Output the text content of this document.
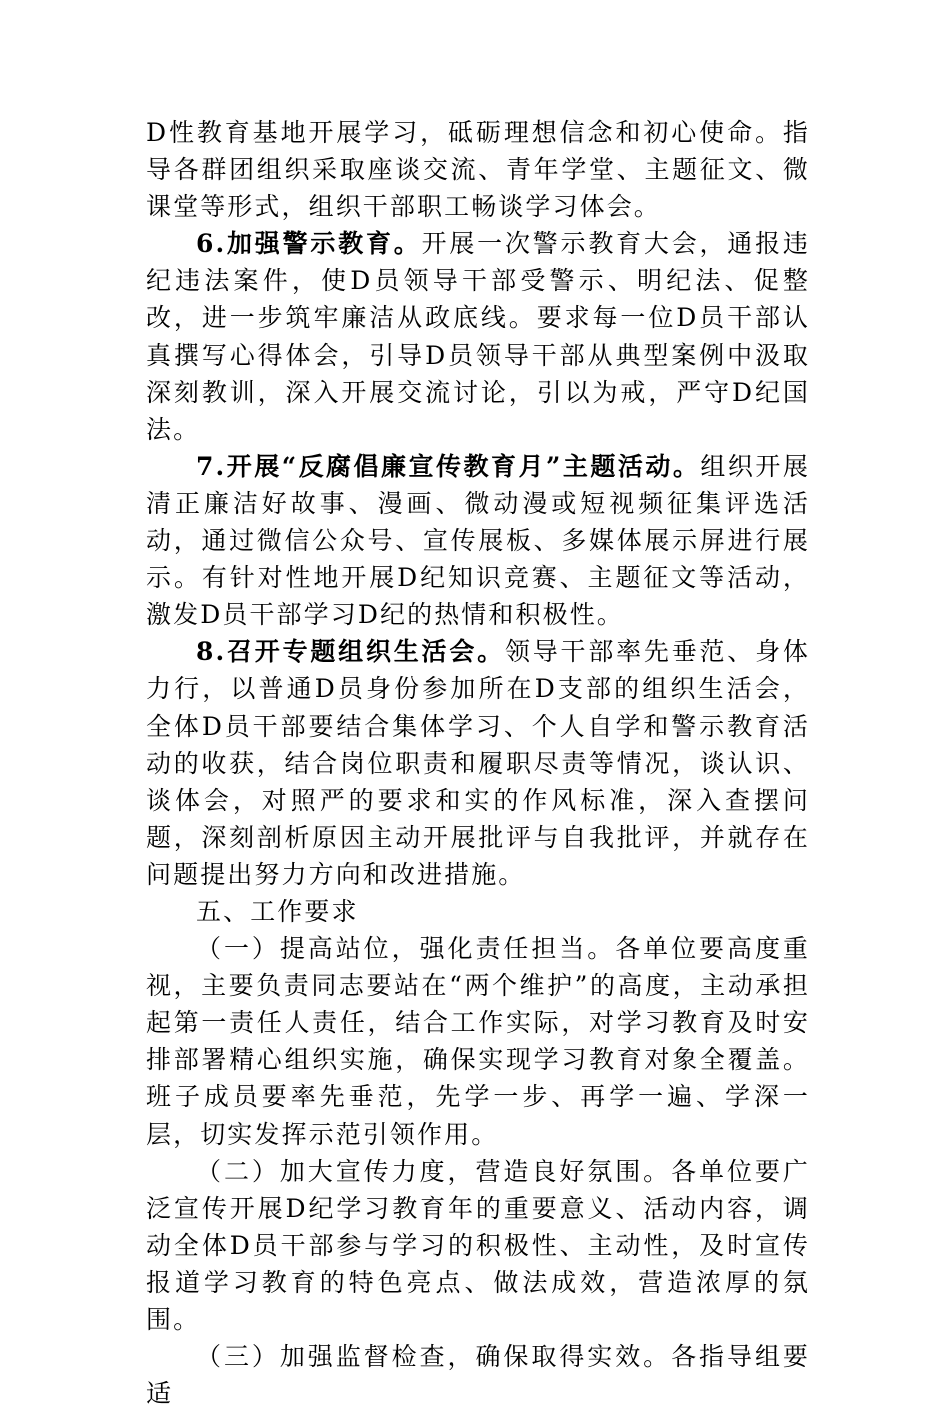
D性教育基地开展学习，砥砺理想信念和初心使命。指导各群团组织采取座谈交流、青年学堂、主题征文、微课堂等形式，组织干部职工畅谈学习体会。

6.加强警示教育。开展一次警示教育大会，通报违纪违法案件，使D员领导干部受警示、明纪法、促整改，进一步筑牢廉洁从政底线。要求每一位D员干部认真撰写心得体会，引导D员领导干部从典型案例中汲取深刻教训，深入开展交流讨论，引以为戒，严守D纪国法。

7.开展“反腐倡廉宣传教育月”主题活动。组织开展清正廉洁好故事、漫画、微动漫或短视频征集评选活动，通过微信公众号、宣传展板、多媒体展示屏进行展示。有针对性地开展D纪知识竞赛、主题征文等活动，激发D员干部学习D纪的热情和积极性。

8.召开专题组织生活会。领导干部率先垂范、身体力行，以普通D员身份参加所在D支部的组织生活会，全体D员干部要结合集体学习、个人自学和警示教育活动的收获，结合岗位职责和履职尽责等情况，谈认识、谈体会，对照严的要求和实的作风标准，深入查摆问题，深刻剖析原因主动开展批评与自我批评，并就存在问题提出努力方向和改进措施。

五、工作要求

（一）提高站位，强化责任担当。各单位要高度重视，主要负责同志要站在“两个维护”的高度，主动承担起第一责任人责任，结合工作实际，对学习教育及时安排部署精心组织实施，确保实现学习教育对象全覆盖。班子成员要率先垂范，先学一步、再学一遍、学深一层，切实发挥示范引领作用。

（二）加大宣传力度，营造良好氛围。各单位要广泛宣传开展D纪学习教育年的重要意义、活动内容，调动全体D员干部参与学习的积极性、主动性，及时宣传报道学习教育的特色亮点、做法成效，营造浓厚的氛围。

（三）加强监督检查，确保取得实效。各指导组要适
